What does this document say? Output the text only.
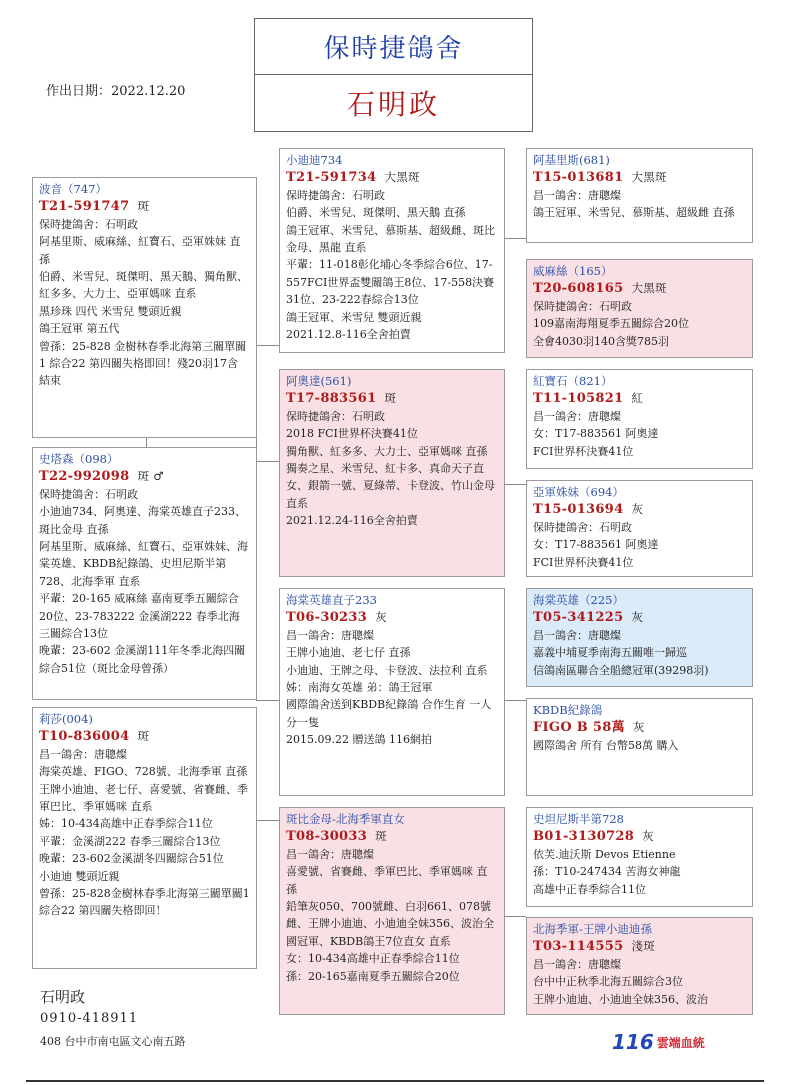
保時捷鴿舍
石明政
作出日期：2022.12.20
波音（747）
T21-591747 斑
保時捷鴿舍：石明政
阿基里斯、威麻絲、紅寶石、亞軍姝妹 直孫
伯爵、米雪兒、斑傑明、黑天鵝、獨角獸、紅多多、大力士、亞軍媽咪 直系
黑珍珠 四代 米雪兒 雙頭近親
鴿王冠軍 第五代
曾孫：25-828 金樹林春季北海第三關單關1 綜合22 第四關失格即回！殘20羽17含 結束
史塔森（098）
T22-992098 斑 ♂
保時捷鴿舍：石明政
小迪迪734、阿奧達、海棠英雄直子233、斑比金母 直孫
阿基里斯、威麻絲、紅寶石、亞軍姝妹、海棠英雄、KBDB紀錄鴿、史坦尼斯半第728、北海季軍 直系
平輩：20-165 威麻絲 嘉南夏季五關綜合20位、23-783222 金溪湖222 春季北海三關綜合13位
晚輩：23-602 金溪湖111年冬季北海四關綜合51位（斑比金母曾孫）
莉莎(004)
T10-836004 斑
昌一鴿舍：唐聰燦
海棠英雄、FIGO、728號、北海季軍 直孫
王牌小迪迪、老七仔、喜愛號、省賽雌、季軍巴比、季軍媽咪 直系
姊：10-434高雄中正春季綜合11位
平輩：金溪湖222 春季三關綜合13位
晚輩：23-602金溪湖冬四關綜合51位
小迪迪 雙頭近親
曾孫：25-828金樹林春季北海第三關單關1 綜合22 第四關失格即回！
小迪迪734
T21-591734 大黑斑
保時捷鴿舍：石明政
伯爵、米雪兒、斑傑明、黑天鵝 直孫
鴿王冠軍、米雪兒、慕斯基、超級雌、斑比金母、黑龍 直系
平輩：11-018彰化埔心冬季綜合6位、17-557FCI世界盃雙關鴿王8位、17-558決賽31位、23-222春綜合13位
鴿王冠軍、米雪兒 雙頭近親
2021.12.8-116全舍拍賣
阿奧達(561)
T17-883561 斑
保時捷鴿舍：石明政
2018 FCI世界杯決賽41位
獨角獸、紅多多、大力士、亞軍媽咪 直孫
獨奏之星、米雪兒、紅卡多、真命天子直女、銀箭一號、夏綠蒂、卡登波、竹山金母 直系
2021.12.24-116全舍拍賣
阿基里斯(681)
T15-013681 大黑斑
昌一鴿舍：唐聰燦
鴿王冠軍、米雪兒、慕斯基、超級雌 直孫
威麻絲（165）
T20-608165 大黑斑
保時捷鴿舍：石明政
109嘉南海翔夏季五關綜合20位
全會4030羽140含獎785羽
紅寶石（821）
T11-105821 紅
昌一鴿舍：唐聰燦
女：T17-883561 阿奧達
FCI世界杯決賽41位
亞軍姝妹（694）
T15-013694 灰
保時捷鴿舍：石明政
女：T17-883561 阿奧達
FCI世界杯決賽41位
海棠英雄直子233
T06-30233 灰
昌一鴿舍：唐聰燦
王牌小迪迪、老七仔 直孫
小迪迪、王牌之母、卡登波、法拉利 直系
姊：南海女英雄 弟：鴿王冠軍
國際鴿舍送到KBDB紀錄鴿 合作生育 一人分一隻
2015.09.22 贈送鴿 116網拍
海棠英雄（225）
T05-341225 灰
昌一鴿舍：唐聰燦
嘉義中埔夏季南海五關唯一歸巡
信鴿南區聯合全船總冠軍(39298羽)
KBDB紀錄鴿
FIGO B 58萬 灰
國際鴿舍 所有 台幣58萬 購入
斑比金母-北海季軍直女
T08-30033 斑
昌一鴿舍：唐聰燦
喜愛號、省賽雌、季軍巴比、季軍媽咪 直孫
鉛筆灰050、700號雌、白羽661、078號雌、王牌小迪迪、小迪迪全妹356、波治全國冠軍、KBDB鴿王7位直女 直系
女：10-434高雄中正春季綜合11位
孫：20-165嘉南夏季五關綜合20位
史坦尼斯半第728
B01-3130728 灰
依芙.迪沃斯 Devos Etienne
孫：T10-247434 苦海女神龍
高雄中正春季綜合11位
北海季軍-王牌小迪迪孫
T03-114555 淺斑
昌一鴿舍：唐聰燦
台中中正秋季北海五關綜合3位
王牌小迪迪、小迪迪全妹356、波治
石明政
0910-418911
408 台中市南屯區文心南五路	116 雲端血統
